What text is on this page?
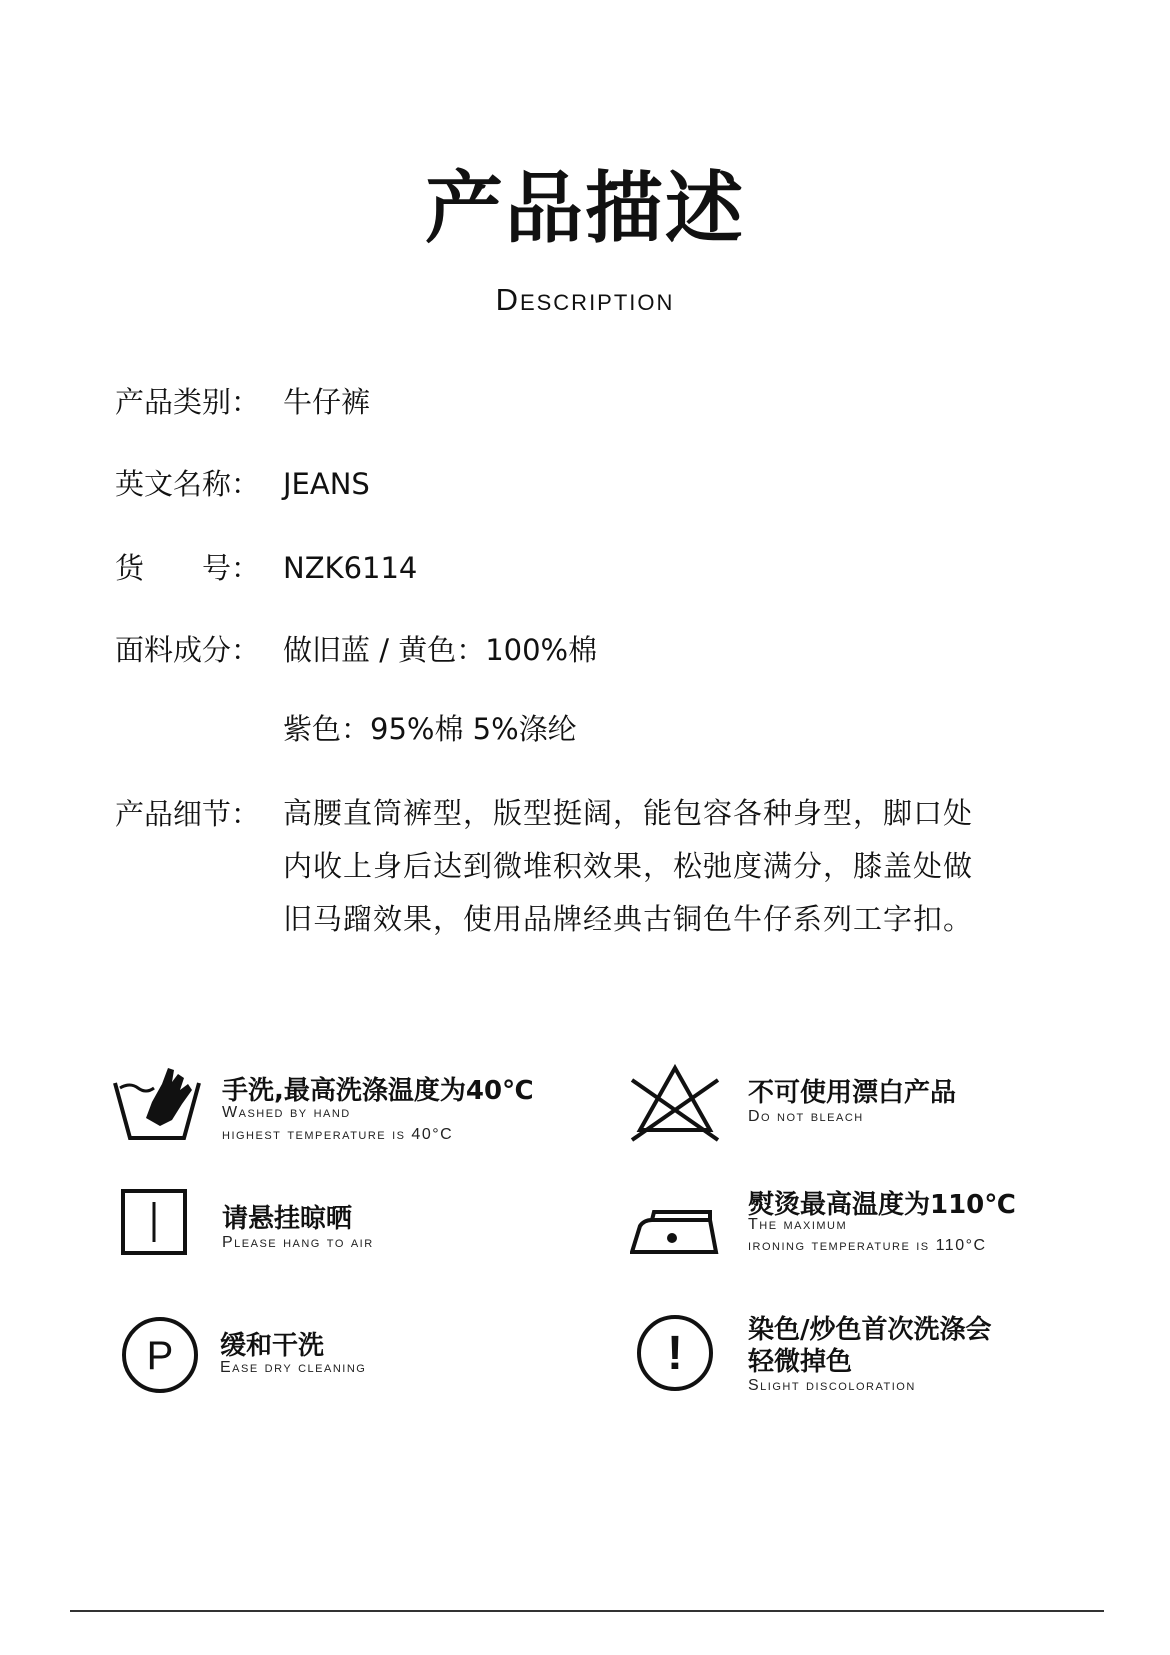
产品描述
Description
产品类别： 牛仔裤
英文名称： JEANS
货　　号： NZK6114
面料成分： 做旧蓝 / 黄色：100%棉
紫色：95%棉 5%涤纶
产品细节： 高腰直筒裤型，版型挺阔，能包容各种身型，脚口处
内收上身后达到微堆积效果，松弛度满分，膝盖处做
旧马蹓效果，使用品牌经典古铜色牛仔系列工字扣。
手洗,最高洗涤温度为40℃
Washed by hand
highest temperature is 40°C
不可使用漂白产品
Do not bleach
请悬挂晾晒
Please hang to air
熨烫最高温度为110℃
The maximum
ironing temperature is 110°C
P 缓和干洗
Ease dry cleaning	!	染色/炒色首次洗涤会
轻微掉色
Slight discoloration
